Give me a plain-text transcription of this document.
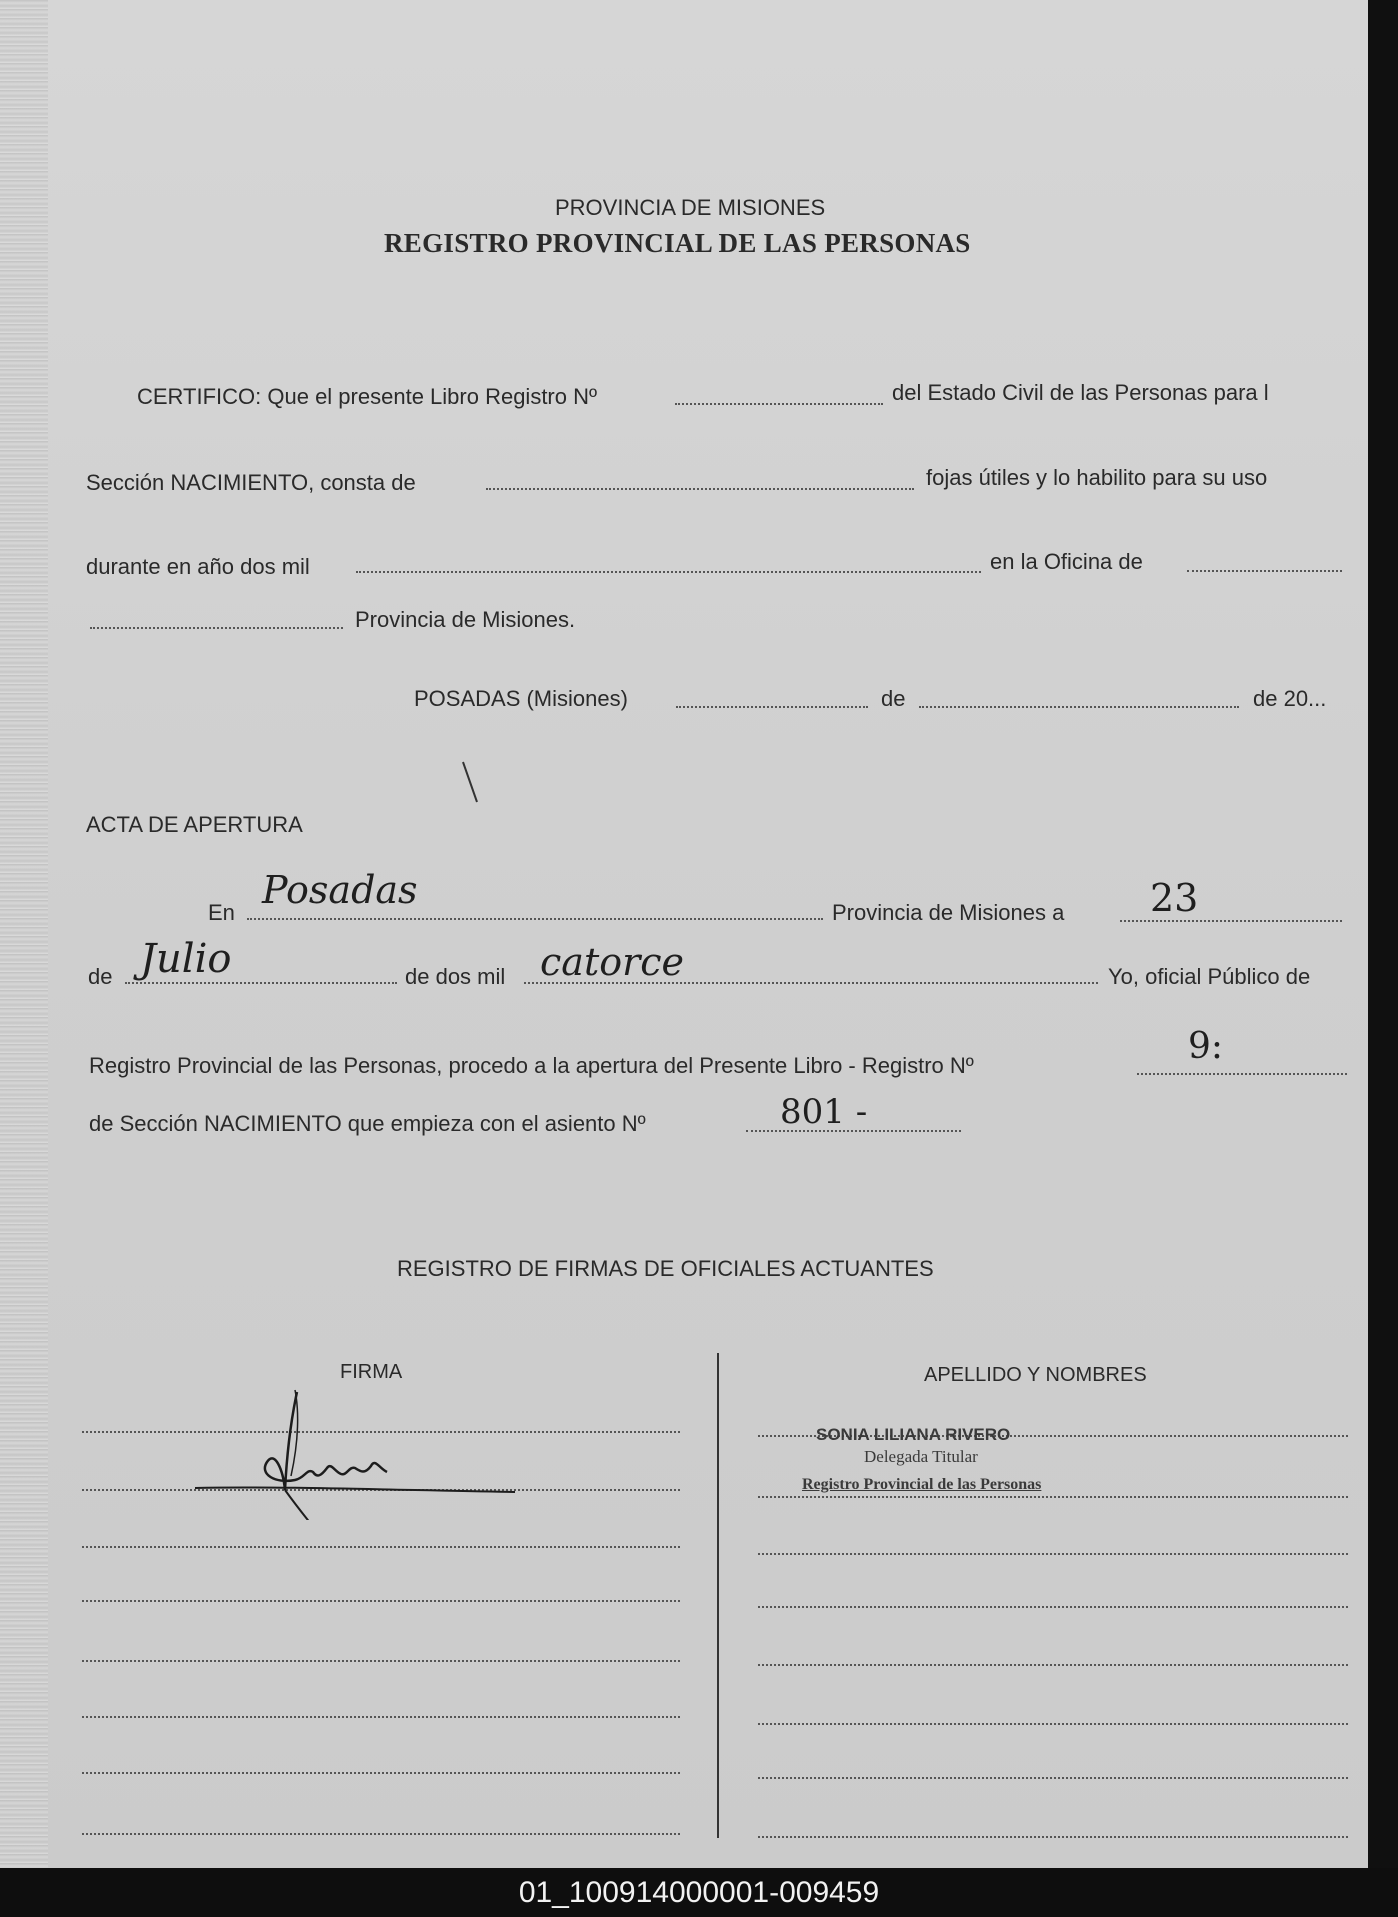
PROVINCIA DE MISIONES
REGISTRO PROVINCIAL DE LAS PERSONAS
CERTIFICO: Que el presente Libro Registro Nº	del Estado Civil de las Personas para l
Sección NACIMIENTO, consta de	fojas útiles y lo habilito para su uso
durante en año dos mil	en la Oficina de
Provincia de Misiones.
POSADAS (Misiones)	de	de 20...
ACTA DE APERTURA
En
Posadas
Provincia de Misiones a 23
de Julio	de dos mil catorce	Yo, oficial Público de
Registro Provincial de las Personas, procedo a la apertura del Presente Libro - Registro Nº	9:
de Sección NACIMIENTO que empieza con el asiento Nº	801 -
REGISTRO DE FIRMAS DE OFICIALES ACTUANTES
FIRMA	APELLIDO Y NOMBRES
SONIA LILIANA RIVERO
Delegada Titular
Registro Provincial de las Personas
01_100914000001-009459
